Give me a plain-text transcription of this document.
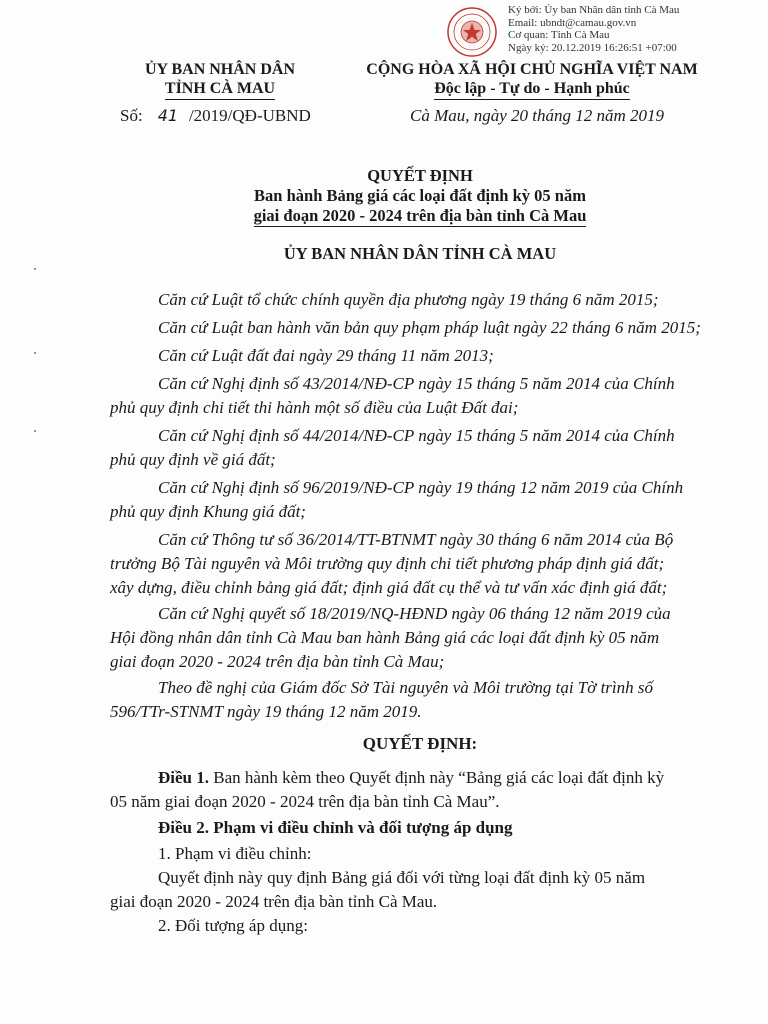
Ký bởi: Ủy ban Nhân dân tỉnh Cà Mau
Email: ubndt@camau.gov.vn
Cơ quan: Tỉnh Cà Mau
Ngày ký: 20.12.2019 16:26:51 +07:00
ỦY BAN NHÂN DÂN
TỈNH CÀ MAU
CỘNG HÒA XÃ HỘI CHỦ NGHĨA VIỆT NAM
Độc lập - Tự do - Hạnh phúc
Số: 41 /2019/QĐ-UBND	Cà Mau, ngày 20 tháng 12 năm 2019
QUYẾT ĐỊNH
Ban hành Bảng giá các loại đất định kỳ 05 năm
giai đoạn 2020 - 2024 trên địa bàn tỉnh Cà Mau
ỦY BAN NHÂN DÂN TỈNH CÀ MAU
Căn cứ Luật tổ chức chính quyền địa phương ngày 19 tháng 6 năm 2015;
Căn cứ Luật ban hành văn bản quy phạm pháp luật ngày 22 tháng 6 năm 2015;
Căn cứ Luật đất đai ngày 29 tháng 11 năm 2013;
Căn cứ Nghị định số 43/2014/NĐ-CP ngày 15 tháng 5 năm 2014 của Chính
phủ quy định chi tiết thi hành một số điều của Luật Đất đai;
Căn cứ Nghị định số 44/2014/NĐ-CP ngày 15 tháng 5 năm 2014 của Chính
phủ quy định về giá đất;
Căn cứ Nghị định số 96/2019/NĐ-CP ngày 19 tháng 12 năm 2019 của Chính
phủ quy định Khung giá đất;
Căn cứ Thông tư số 36/2014/TT-BTNMT ngày 30 tháng 6 năm 2014 của Bộ
trưởng Bộ Tài nguyên và Môi trường quy định chi tiết phương pháp định giá đất;
xây dựng, điều chỉnh bảng giá đất; định giá đất cụ thể và tư vấn xác định giá đất;
Căn cứ Nghị quyết số 18/2019/NQ-HĐND ngày 06 tháng 12 năm 2019 của
Hội đồng nhân dân tỉnh Cà Mau ban hành Bảng giá các loại đất định kỳ 05 năm
giai đoạn 2020 - 2024 trên địa bàn tỉnh Cà Mau;
Theo đề nghị của Giám đốc Sở Tài nguyên và Môi trường tại Tờ trình số
596/TTr-STNMT ngày 19 tháng 12 năm 2019.
QUYẾT ĐỊNH:
Điều 1. Ban hành kèm theo Quyết định này “Bảng giá các loại đất định kỳ
05 năm giai đoạn 2020 - 2024 trên địa bàn tỉnh Cà Mau”.
Điều 2. Phạm vi điều chỉnh và đối tượng áp dụng
1. Phạm vi điều chỉnh:
Quyết định này quy định Bảng giá đối với từng loại đất định kỳ 05 năm
giai đoạn 2020 - 2024 trên địa bàn tỉnh Cà Mau.
2. Đối tượng áp dụng:
